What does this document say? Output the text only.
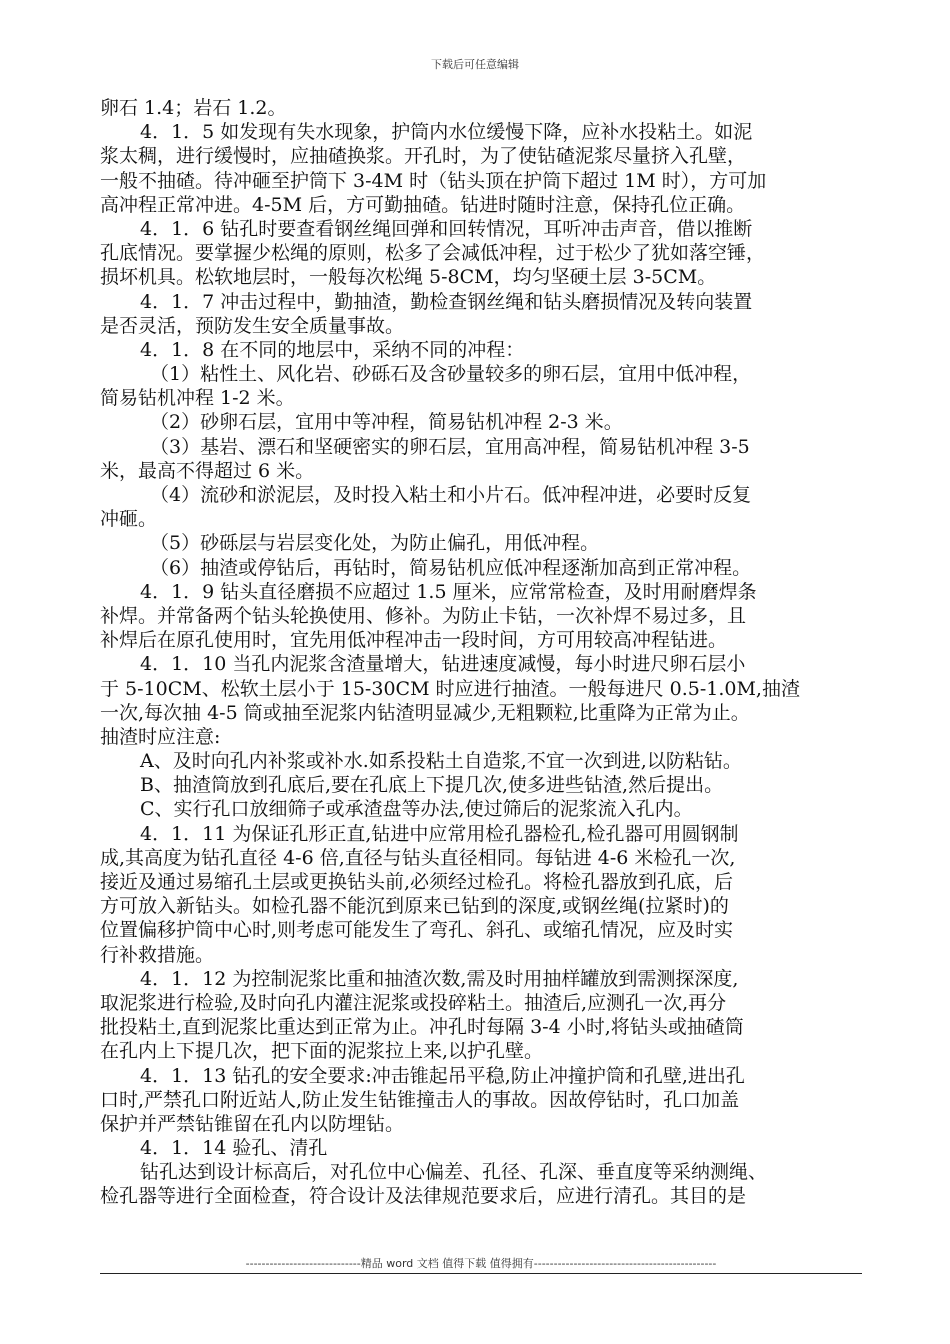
下载后可任意编辑
卵石 1.4；岩石 1.2。
4．1．5 如发现有失水现象，护筒内水位缓慢下降，应补水投粘土。如泥
浆太稠，进行缓慢时，应抽碴换浆。开孔时，为了使钻碴泥浆尽量挤入孔壁，
一般不抽碴。待冲砸至护筒下 3-4M 时（钻头顶在护筒下超过 1M 时），方可加
高冲程正常冲进。4-5M 后，方可勤抽碴。钻进时随时注意，保持孔位正确。
4．1．6 钻孔时要查看钢丝绳回弹和回转情况，耳听冲击声音，借以推断
孔底情况。要掌握少松绳的原则，松多了会减低冲程，过于松少了犹如落空锤，
损坏机具。松软地层时，一般每次松绳 5-8CM，均匀坚硬土层 3-5CM。
4．1．7 冲击过程中，勤抽渣，勤检查钢丝绳和钻头磨损情况及转向装置
是否灵活，预防发生安全质量事故。
4．1．8 在不同的地层中，采纳不同的冲程：
（1）粘性土、风化岩、砂砾石及含砂量较多的卵石层，宜用中低冲程，
简易钻机冲程 1-2 米。
（2）砂卵石层，宜用中等冲程，简易钻机冲程 2-3 米。
（3）基岩、漂石和坚硬密实的卵石层，宜用高冲程，简易钻机冲程 3-5
米，最高不得超过 6 米。
（4）流砂和淤泥层，及时投入粘土和小片石。低冲程冲进，必要时反复
冲砸。
（5）砂砾层与岩层变化处，为防止偏孔，用低冲程。
（6）抽渣或停钻后，再钻时，简易钻机应低冲程逐渐加高到正常冲程。
4．1．9 钻头直径磨损不应超过 1.5 厘米，应常常检查，及时用耐磨焊条
补焊。并常备两个钻头轮换使用、修补。为防止卡钻，一次补焊不易过多，且
补焊后在原孔使用时，宜先用低冲程冲击一段时间，方可用较高冲程钻进。
4．1．10 当孔内泥浆含渣量增大，钻进速度减慢，每小时进尺卵石层小
于 5-10CM、松软土层小于 15-30CM 时应进行抽渣。一般每进尺 0.5-1.0M,抽渣
一次,每次抽 4-5 筒或抽至泥浆内钻渣明显减少,无粗颗粒,比重降为正常为止。
抽渣时应注意:
A、及时向孔内补浆或补水.如系投粘土自造浆,不宜一次到进,以防粘钻。
B、抽渣筒放到孔底后,要在孔底上下提几次,使多进些钻渣,然后提出。
C、实行孔口放细筛子或承渣盘等办法,使过筛后的泥浆流入孔内。
4．1．11 为保证孔形正直,钻进中应常用检孔器检孔,检孔器可用圆钢制
成,其高度为钻孔直径 4-6 倍,直径与钻头直径相同。每钻进 4-6 米检孔一次,
接近及通过易缩孔土层或更换钻头前,必须经过检孔。将检孔器放到孔底，后
方可放入新钻头。如检孔器不能沉到原来已钻到的深度,或钢丝绳(拉紧时)的
位置偏移护筒中心时,则考虑可能发生了弯孔、斜孔、或缩孔情况，应及时实
行补救措施。
4．1．12 为控制泥浆比重和抽渣次数,需及时用抽样罐放到需测探深度,
取泥浆进行检验,及时向孔内灌注泥浆或投碎粘土。抽渣后,应测孔一次,再分
批投粘土,直到泥浆比重达到正常为止。冲孔时每隔 3-4 小时,将钻头或抽碴筒
在孔内上下提几次，把下面的泥浆拉上来,以护孔壁。
4．1．13 钻孔的安全要求:冲击锥起吊平稳,防止冲撞护筒和孔壁,进出孔
口时,严禁孔口附近站人,防止发生钻锥撞击人的事故。因故停钻时，孔口加盖
保护并严禁钻锥留在孔内以防埋钻。
4．1．14 验孔、清孔
钻孔达到设计标高后，对孔位中心偏差、孔径、孔深、垂直度等采纳测绳、
检孔器等进行全面检查，符合设计及法律规范要求后，应进行清孔。其目的是
-----------------------------精品 word 文档 值得下载 值得拥有----------------------------------------------
